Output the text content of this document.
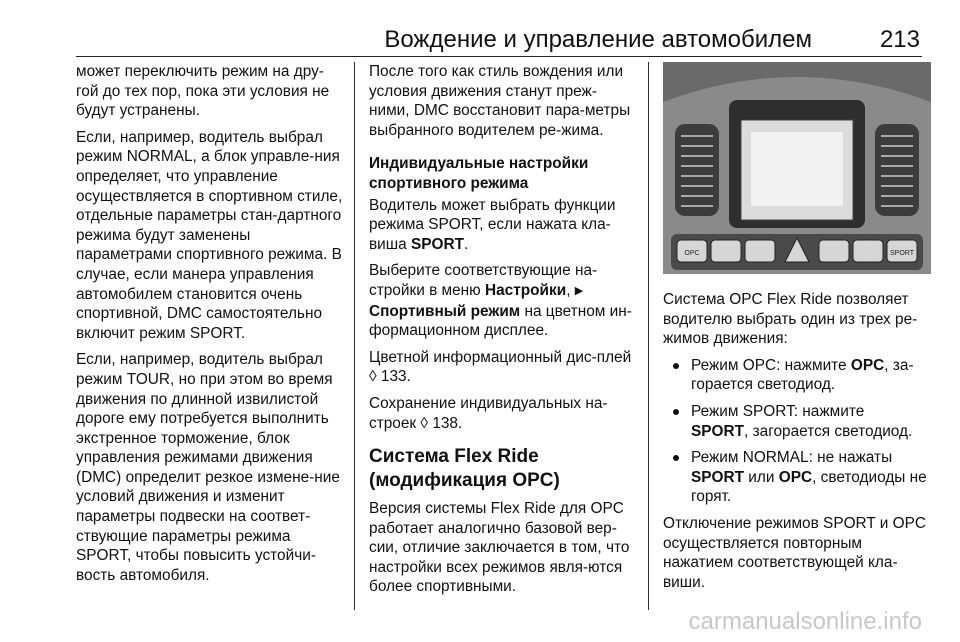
Вождение и управление автомобилем	213

может переключить режим на дру-гой до тех пор, пока эти условия не будут устранены.

Если, например, водитель выбрал режим NORMAL, а блок управле-ния определяет, что управление осуществляется в спортивном стиле, отдельные параметры стан-дартного режима будут заменены параметрами спортивного режима. В случае, если манера управления автомобилем становится очень спортивной, DMC самостоятельно включит режим SPORT.

Если, например, водитель выбрал режим TOUR, но при этом во время движения по длинной извилистой дороге ему потребуется выполнить экстренное торможение, блок управления режимами движения (DMC) определит резкое измене-ние условий движения и изменит параметры подвески на соответ-ствующие параметры режима SPORT, чтобы повысить устойчи-вость автомобиля.

После того как стиль вождения или условия движения станут преж-ними, DMC восстановит пара-метры выбранного водителем ре-жима.

Индивидуальные настройки спортивного режима

Водитель может выбрать функции режима SPORT, если нажата кла-виша SPORT.

Выберите соответствующие на-стройки в меню Настройки, ▶
Спортивный режим на цветном ин-формационном дисплее.

Цветной информационный дис-плей ◊ 133.

Сохранение индивидуальных на-строек ◊ 138.

Система Flex Ride (модификация OPC)

Версия системы Flex Ride для OPC работает аналогично базовой вер-сии, отличие заключается в том, что настройки всех режимов явля-ются более спортивными.

OPC	SPORT

Система OPC Flex Ride позволяет водителю выбрать один из трех ре-жимов движения:

Режим OPC: нажмите OPC, за-горается светодиод.
Режим SPORT: нажмите
SPORT, загорается светодиод.
Режим NORMAL: не нажаты
SPORT или OPC, светодиоды не горят.

Отключение режимов SPORT и OPC осуществляется повторным нажатием соответствующей кла-виши.

carmanualsonline.info
